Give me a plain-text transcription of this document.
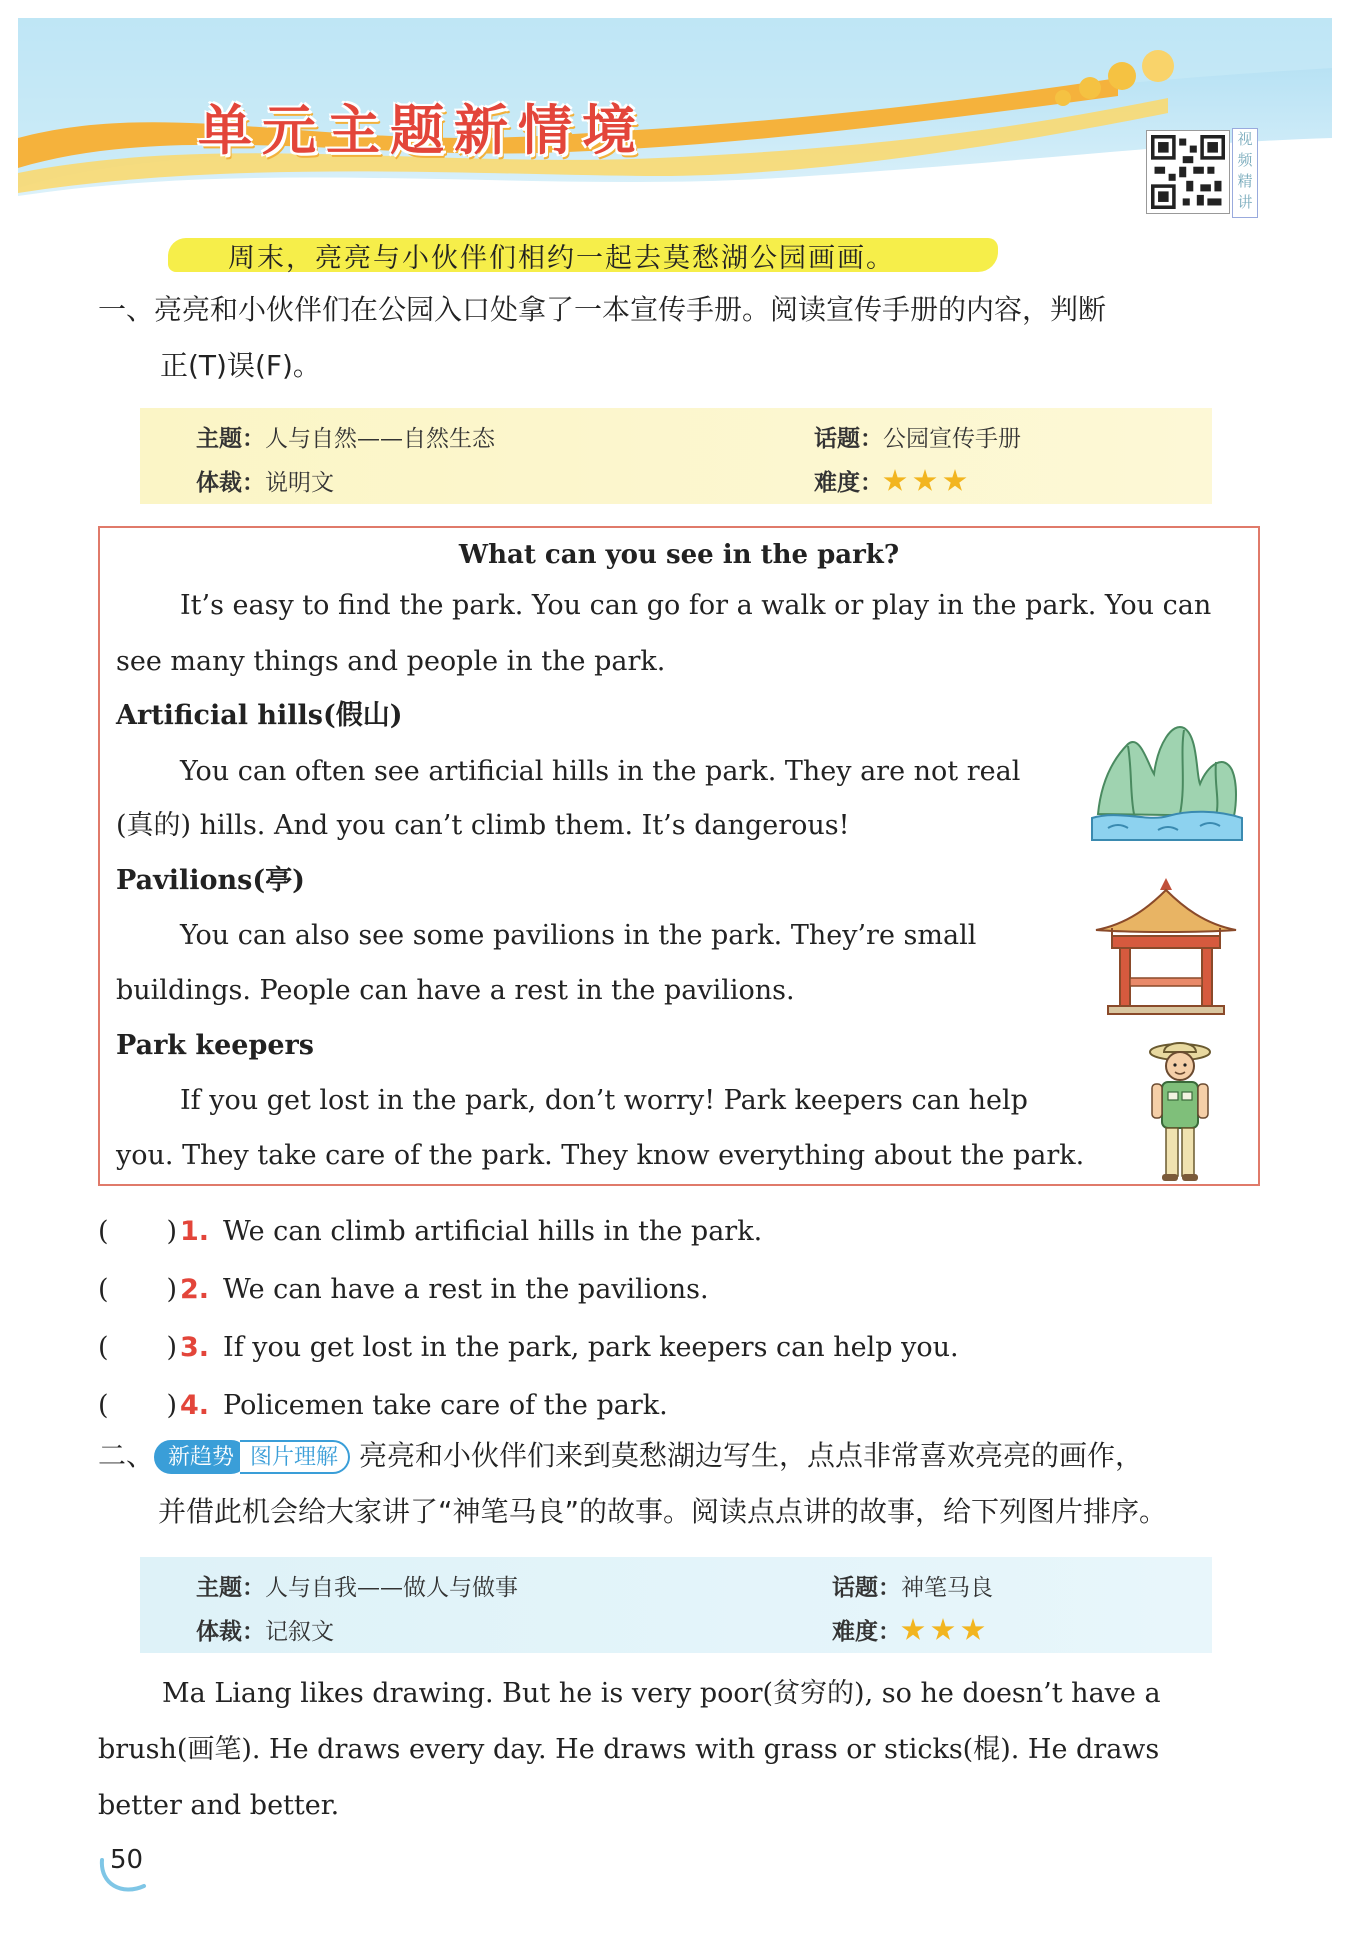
单元主题新情境	视频精讲
周末，亮亮与小伙伴们相约一起去莫愁湖公园画画。
一、亮亮和小伙伴们在公园入口处拿了一本宣传手册。阅读宣传手册的内容，判断
正(T)误(F)。
主题：人与自然——自然生态	话题：公园宣传手册
体裁：说明文	难度：
What can you see in the park?

It’s easy to find the park. You can go for a walk or play in the park. You can

see many things and people in the park.

Artificial hills(假山)

You can often see artificial hills in the park. They are not real

(真的) hills. And you can’t climb them. It’s dangerous!

Pavilions(亭)

You can also see some pavilions in the park. They’re small

buildings. People can have a rest in the pavilions.

Park keepers

If you get lost in the park, don’t worry! Park keepers can help

you. They take care of the park. They know everything about the park.

( ) 1. We can climb artificial hills in the park.
( ) 2. We can have a rest in the pavilions.
( ) 3. If you get lost in the park, park keepers can help you.
( ) 4. Policemen take care of the park.
二、 新趋势 图片理解 亮亮和小伙伴们来到莫愁湖边写生，点点非常喜欢亮亮的画作，
并借此机会给大家讲了“神笔马良”的故事。阅读点点讲的故事，给下列图片排序。
主题：人与自我——做人与做事	话题：神笔马良
体裁：记叙文	难度：
Ma Liang likes drawing. But he is very poor(贫穷的), so he doesn’t have a
brush(画笔). He draws every day. He draws with grass or sticks(棍). He draws
better and better.
50
